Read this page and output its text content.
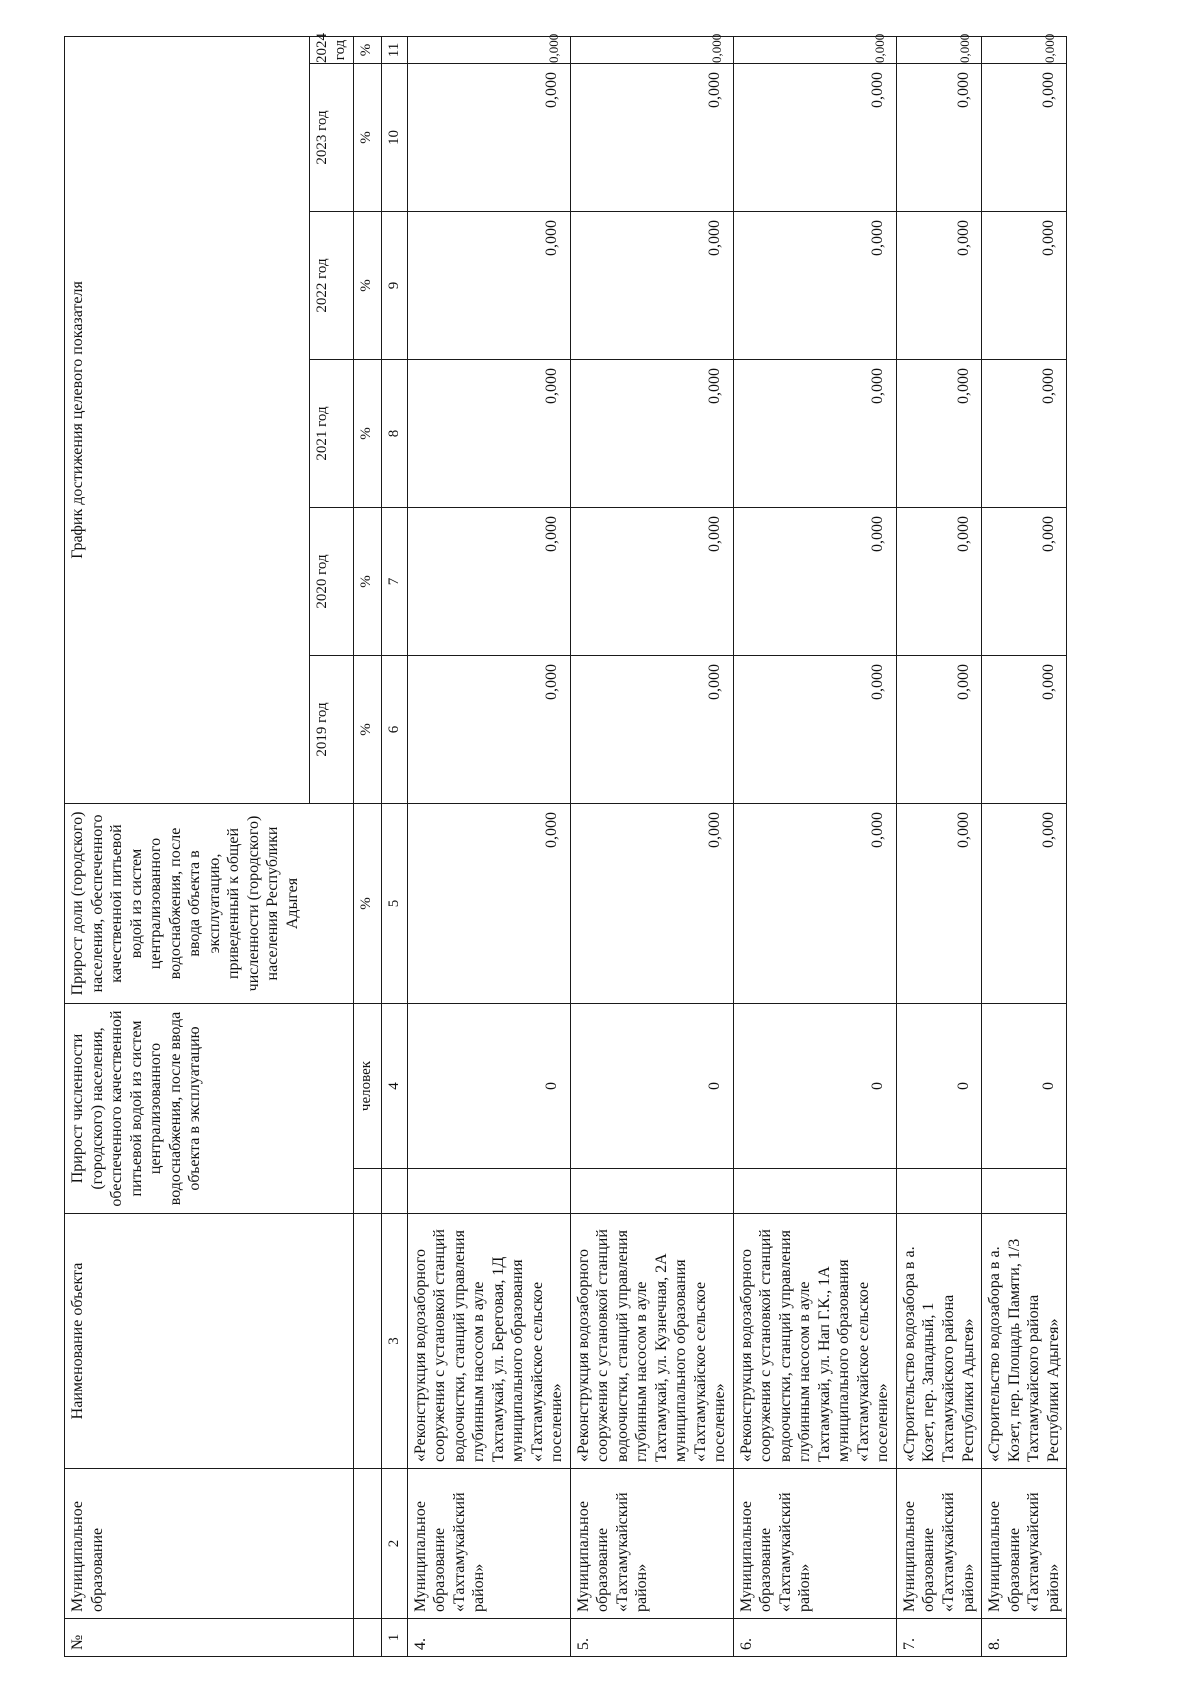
№	Муниципальное образование	Наименование объекта	Прирост численности (городского) населения, обеспеченного качественной питьевой водой из систем централизованного водоснабжения, после ввода объекта в эксплуатацию		Прирост доли (городского) населения, обеспеченного качественной питьевой водой из систем централизованного водоснабжения, после ввода объекта в эксплуатацию, приведенный к общей численности (городского) населения Республики Адыгея	График достижения целевого показателя					
						2019 год	2020 год	2021 год	2022 год	2023 год	2024 год
				человек	%	%	%	%	%	%	%
1	2	3		4	5	6	7	8	9	10	11
4.	Муниципальное образование «Тахтамукайский район»	«Реконструкция водозаборного сооружения с установкой станций водоочистки, станций управления глубинным насосом в ауле Тахтамукай, ул. Береговая, 1Д муниципального образования «Тахтамукайское сельское поселение»		0	0,000	0,000	0,000	0,000	0,000	0,000	0,000
5.	Муниципальное образование «Тахтамукайский район»	«Реконструкция водозаборного сооружения с установкой станций водоочистки, станций управления глубинным насосом в ауле Тахтамукай, ул. Кузнечная, 2А муниципального образования «Тахтамукайское сельское поселение»		0	0,000	0,000	0,000	0,000	0,000	0,000	0,000
6.	Муниципальное образование «Тахтамукайский район»	«Реконструкция водозаборного сооружения с установкой станций водоочистки, станций управления глубинным насосом в ауле Тахтамукай, ул. Нап Г.К., 1А муниципального образования «Тахтамукайское сельское поселение»		0	0,000	0,000	0,000	0,000	0,000	0,000	0,000
7.	Муниципальное образование «Тахтамукайский район»	«Строительство водозабора в а. Козет, пер. Западный, 1 Тахтамукайского района Республики Адыгея»		0	0,000	0,000	0,000	0,000	0,000	0,000	0,000
8.	Муниципальное образование «Тахтамукайский район»	«Строительство водозабора в а. Козет, пер. Площадь Памяти, 1/3 Тахтамукайского района Республики Адыгея»		0	0,000	0,000	0,000	0,000	0,000	0,000	0,000
